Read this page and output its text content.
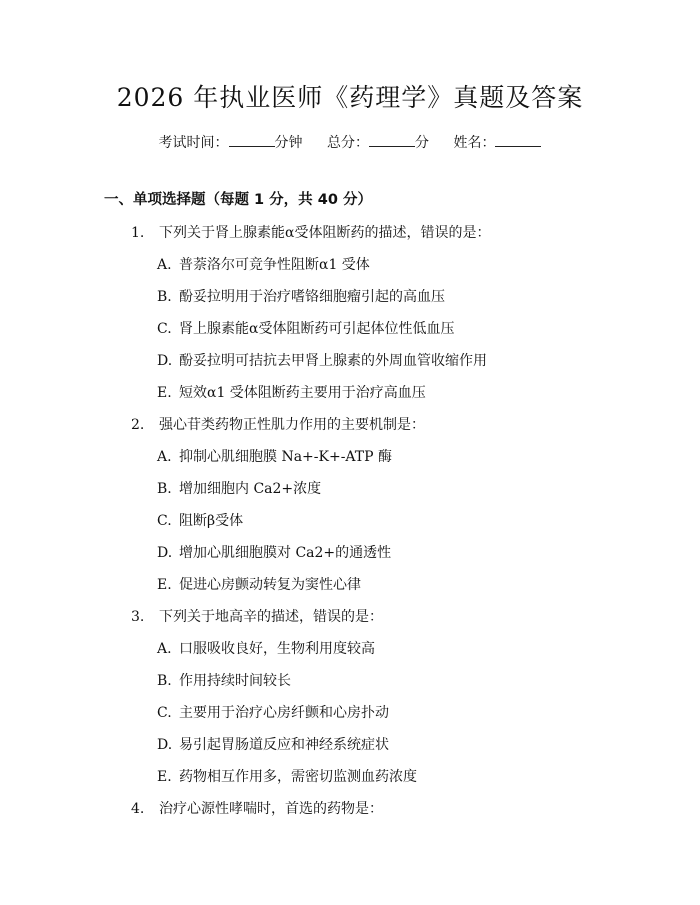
2026 年执业医师《药理学》真题及答案
考试时间：	分钟 总分：	分 姓名：
一、单项选择题（每题 1 分，共 40 分）
1. 下列关于肾上腺素能α受体阻断药的描述，错误的是：
A. 普萘洛尔可竞争性阻断α1 受体
B. 酚妥拉明用于治疗嗜铬细胞瘤引起的高血压
C. 肾上腺素能α受体阻断药可引起体位性低血压
D. 酚妥拉明可拮抗去甲肾上腺素的外周血管收缩作用
E. 短效α1 受体阻断药主要用于治疗高血压
2. 强心苷类药物正性肌力作用的主要机制是：
A. 抑制心肌细胞膜 Na+-K+-ATP 酶
B. 增加细胞内 Ca2+浓度
C. 阻断β受体
D. 增加心肌细胞膜对 Ca2+的通透性
E. 促进心房颤动转复为窦性心律
3. 下列关于地高辛的描述，错误的是：
A. 口服吸收良好，生物利用度较高
B. 作用持续时间较长
C. 主要用于治疗心房纤颤和心房扑动
D. 易引起胃肠道反应和神经系统症状
E. 药物相互作用多，需密切监测血药浓度
4. 治疗心源性哮喘时，首选的药物是：
